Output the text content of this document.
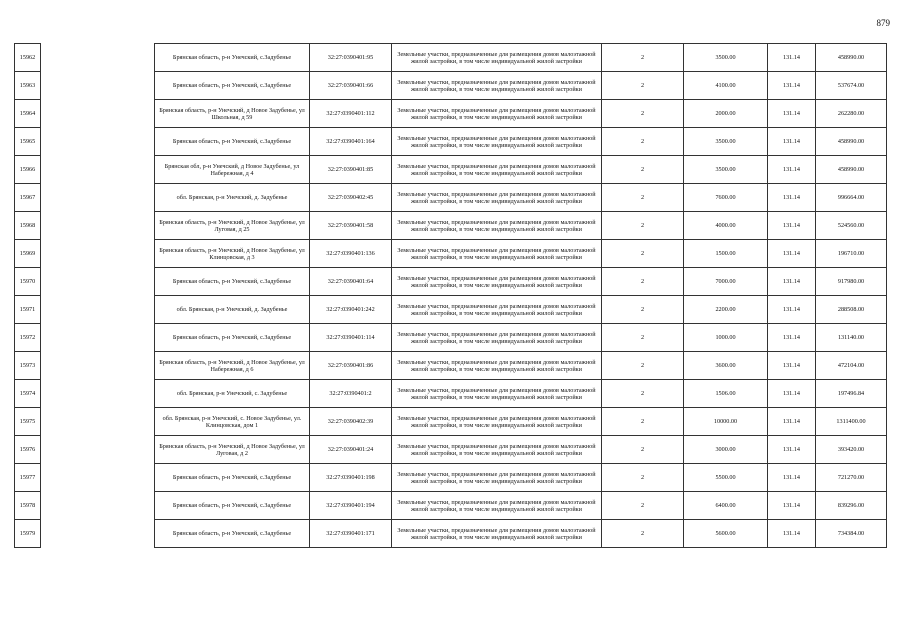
879
15962		Брянская область, р-н Унечский, с.Задубенье	32:27:0390401:95	Земельные участки, предназначенные для размещения домов малоэтажной жилой застройки, в том числе индивидуальной жилой застройки	2	3500.00	131.14	458990.00
15963		Брянская область, р-н Унечский, с.Задубенье	32:27:0390401:66	Земельные участки, предназначенные для размещения домов малоэтажной жилой застройки, в том числе индивидуальной жилой застройки	2	4100.00	131.14	537674.00
15964		Брянская область, р-н Унечский, д Новое Задубенье, ул Школьная, д 59	32:27:0390401:112	Земельные участки, предназначенные для размещения домов малоэтажной жилой застройки, в том числе индивидуальной жилой застройки	2	2000.00	131.14	262280.00
15965		Брянская область, р-н Унечский, с.Задубенье	32:27:0390401:164	Земельные участки, предназначенные для размещения домов малоэтажной жилой застройки, в том числе индивидуальной жилой застройки	2	3500.00	131.14	458990.00
15966		Брянская обл, р-н Унечский, д Новое Задубенье, ул Набережная, д 4	32:27:0390401:85	Земельные участки, предназначенные для размещения домов малоэтажной жилой застройки, в том числе индивидуальной жилой застройки	2	3500.00	131.14	458990.00
15967		обл. Брянская, р-н Унечский, д. Задубенье	32:27:0390402:45	Земельные участки, предназначенные для размещения домов малоэтажной жилой застройки, в том числе индивидуальной жилой застройки	2	7600.00	131.14	996664.00
15968		Брянская область, р-н Унечский, д Новое Задубенье, ул Луговая, д 25	32:27:0390401:58	Земельные участки, предназначенные для размещения домов малоэтажной жилой застройки, в том числе индивидуальной жилой застройки	2	4000.00	131.14	524560.00
15969		Брянская область, р-н Унечский, д Новое Задубенье, ул Клинцовская, д 3	32:27:0390401:136	Земельные участки, предназначенные для размещения домов малоэтажной жилой застройки, в том числе индивидуальной жилой застройки	2	1500.00	131.14	196710.00
15970		Брянская область, р-н Унечский, с.Задубенье	32:27:0390401:64	Земельные участки, предназначенные для размещения домов малоэтажной жилой застройки, в том числе индивидуальной жилой застройки	2	7000.00	131.14	917980.00
15971		обл. Брянская, р-н Унечский, д. Задубенье	32:27:0390401:242	Земельные участки, предназначенные для размещения домов малоэтажной жилой застройки, в том числе индивидуальной жилой застройки	2	2200.00	131.14	288508.00
15972		Брянская область, р-н Унечский, с.Задубенье	32:27:0390401:114	Земельные участки, предназначенные для размещения домов малоэтажной жилой застройки, в том числе индивидуальной жилой застройки	2	1000.00	131.14	131140.00
15973		Брянская область, р-н Унечский, д Новое Задубенье, ул Набережная, д 6	32:27:0390401:86	Земельные участки, предназначенные для размещения домов малоэтажной жилой застройки, в том числе индивидуальной жилой застройки	2	3600.00	131.14	472104.00
15974		обл. Брянская, р-н Унечский, с. Задубенье	32:27:0390401:2	Земельные участки, предназначенные для размещения домов малоэтажной жилой застройки, в том числе индивидуальной жилой застройки	2	1506.00	131.14	197496.84
15975		обл. Брянская, р-н Унечский, с. Новое Задубенье, ул. Клинцовская, дом 1	32:27:0390402:39	Земельные участки, предназначенные для размещения домов малоэтажной жилой застройки, в том числе индивидуальной жилой застройки	2	10000.00	131.14	1311400.00
15976		Брянская область, р-н Унечский, д Новое Задубенье, ул Луговая, д 2	32:27:0390401:24	Земельные участки, предназначенные для размещения домов малоэтажной жилой застройки, в том числе индивидуальной жилой застройки	2	3000.00	131.14	393420.00
15977		Брянская область, р-н Унечский, с.Задубенье	32:27:0390401:198	Земельные участки, предназначенные для размещения домов малоэтажной жилой застройки, в том числе индивидуальной жилой застройки	2	5500.00	131.14	721270.00
15978		Брянская область, р-н Унечский, с.Задубенье	32:27:0390401:194	Земельные участки, предназначенные для размещения домов малоэтажной жилой застройки, в том числе индивидуальной жилой застройки	2	6400.00	131.14	839296.00
15979		Брянская область, р-н Унечский, с.Задубенье	32:27:0390401:171	Земельные участки, предназначенные для размещения домов малоэтажной жилой застройки, в том числе индивидуальной жилой застройки	2	5600.00	131.14	734384.00
